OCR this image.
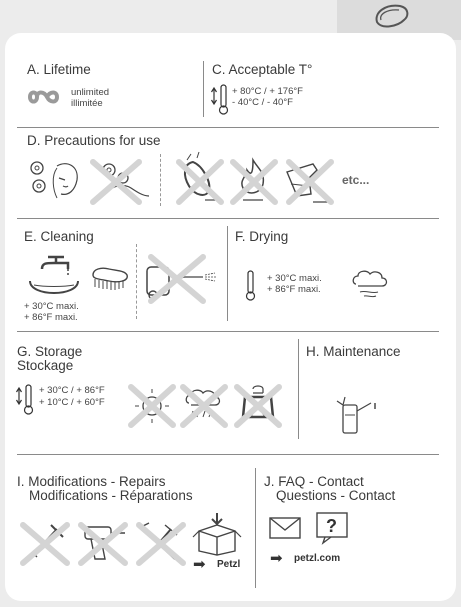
A. Lifetime
unlimited
illimitée
C. Acceptable T°
+ 80°C / + 176°F
- 40°C / - 40°F
D. Precautions for use
etc...
E. Cleaning
+ 30°C maxi.
+ 86°F maxi.
F. Drying
+ 30°C maxi.
+ 86°F maxi.
G. Storage
Stockage
+ 30°C / + 86°F
+ 10°C / + 60°F
H. Maintenance
I. Modifications - Repairs
Modifications - Réparations
➡ Petzl
J. FAQ - Contact
Questions - Contact
?
➡ petzl.com
